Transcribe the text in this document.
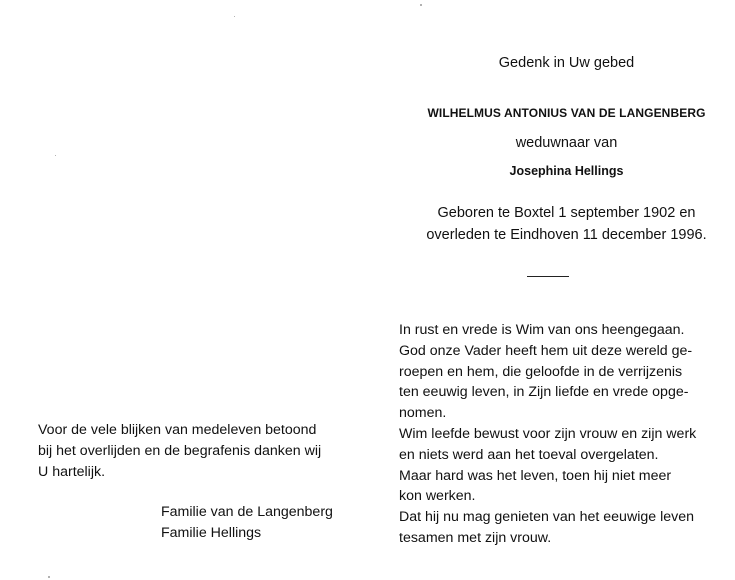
Voor de vele blijken van medeleven betoond
bij het overlijden en de begrafenis danken wij
U hartelijk.
Familie van de Langenberg
Familie Hellings
Gedenk in Uw gebed
WILHELMUS ANTONIUS VAN DE LANGENBERG
weduwnaar van
Josephina Hellings
Geboren te Boxtel 1 september 1902 en
overleden te Eindhoven 11 december 1996.
In rust en vrede is Wim van ons heengegaan.
God onze Vader heeft hem uit deze wereld ge-
roepen en hem, die geloofde in de verrijzenis
ten eeuwig leven, in Zijn liefde en vrede opge-
nomen.
Wim leefde bewust voor zijn vrouw en zijn werk
en niets werd aan het toeval overgelaten.
Maar hard was het leven, toen hij niet meer
kon werken.
Dat hij nu mag genieten van het eeuwige leven
tesamen met zijn vrouw.
